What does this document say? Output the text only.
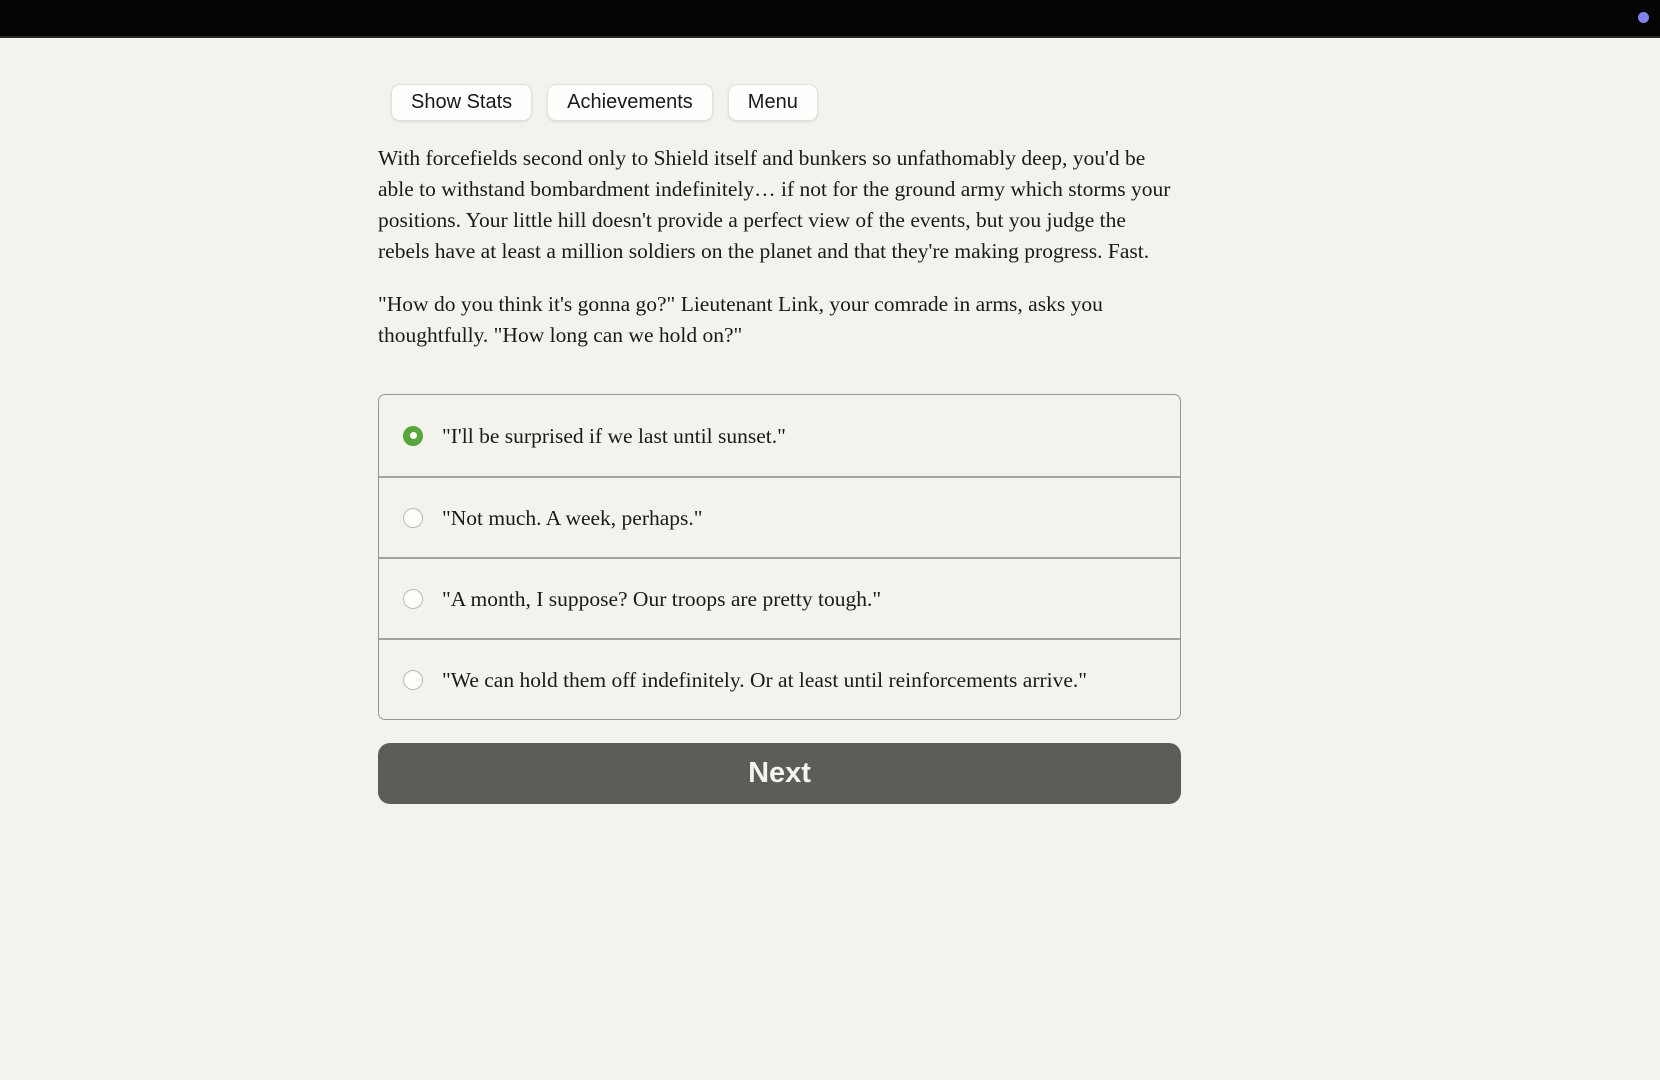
Show Stats	Achievements	Menu

With forcefields second only to Shield itself and bunkers so unfathomably deep, you'd be able to withstand bombardment indefinitely… if not for the ground army which storms your positions. Your little hill doesn't provide a perfect view of the events, but you judge the rebels have at least a million soldiers on the planet and that they're making progress. Fast.

"How do you think it's gonna go?" Lieutenant Link, your comrade in arms, asks you thoughtfully. "How long can we hold on?"

"I'll be surprised if we last until sunset."
"Not much. A week, perhaps."
"A month, I suppose? Our troops are pretty tough."
"We can hold them off indefinitely. Or at least until reinforcements arrive."
Next
